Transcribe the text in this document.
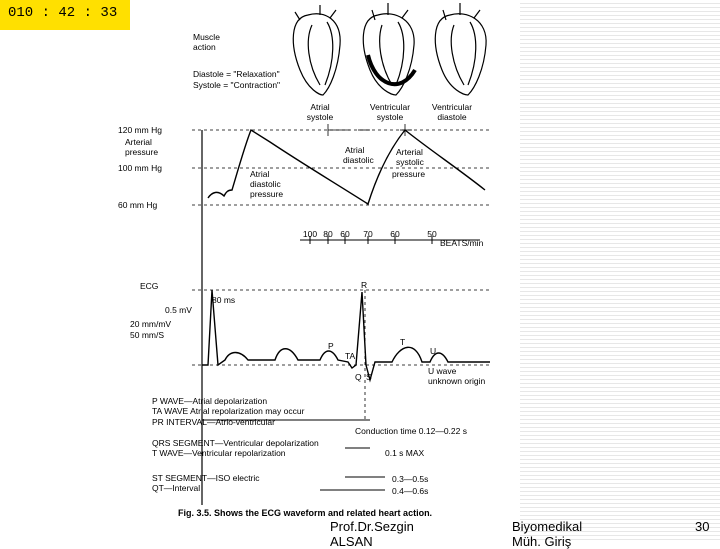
010 : 42 : 33
Muscle
action
Diastole = "Relaxation"
Systole = "Contraction"
Atrial
systole
Ventricular
systole
Ventricular
diastole
120 mm Hg
Arterial
pressure
100 mm Hg
60 mm Hg
Atrial
diastolic
pressure
Atrial
diastolic
Arterial
systolic
pressure
100 80 60 70 60	50
BEATS/min
ECG
80 ms
0.5 mV
20 mm/mV
50 mm/S
R
P
TA
T
U
Q S
U wave
unknown origin
P WAVE—Atrial depolarization
TA WAVE Atrial repolarization may occur
PR INTERVAL—Atrio-ventricular
Conduction time 0.12—0.22 s
QRS SEGMENT—Ventricular depolarization
T WAVE—Ventricular repolarization	0.1 s MAX
ST SEGMENT—ISO electric
QT—Interval
0.3—0.5s
0.4—0.6s
Fig. 3.5. Shows the ECG waveform and related heart action.
Prof.Dr.Sezgin ALSAN
Biyomedikal Müh. Giriş
30
